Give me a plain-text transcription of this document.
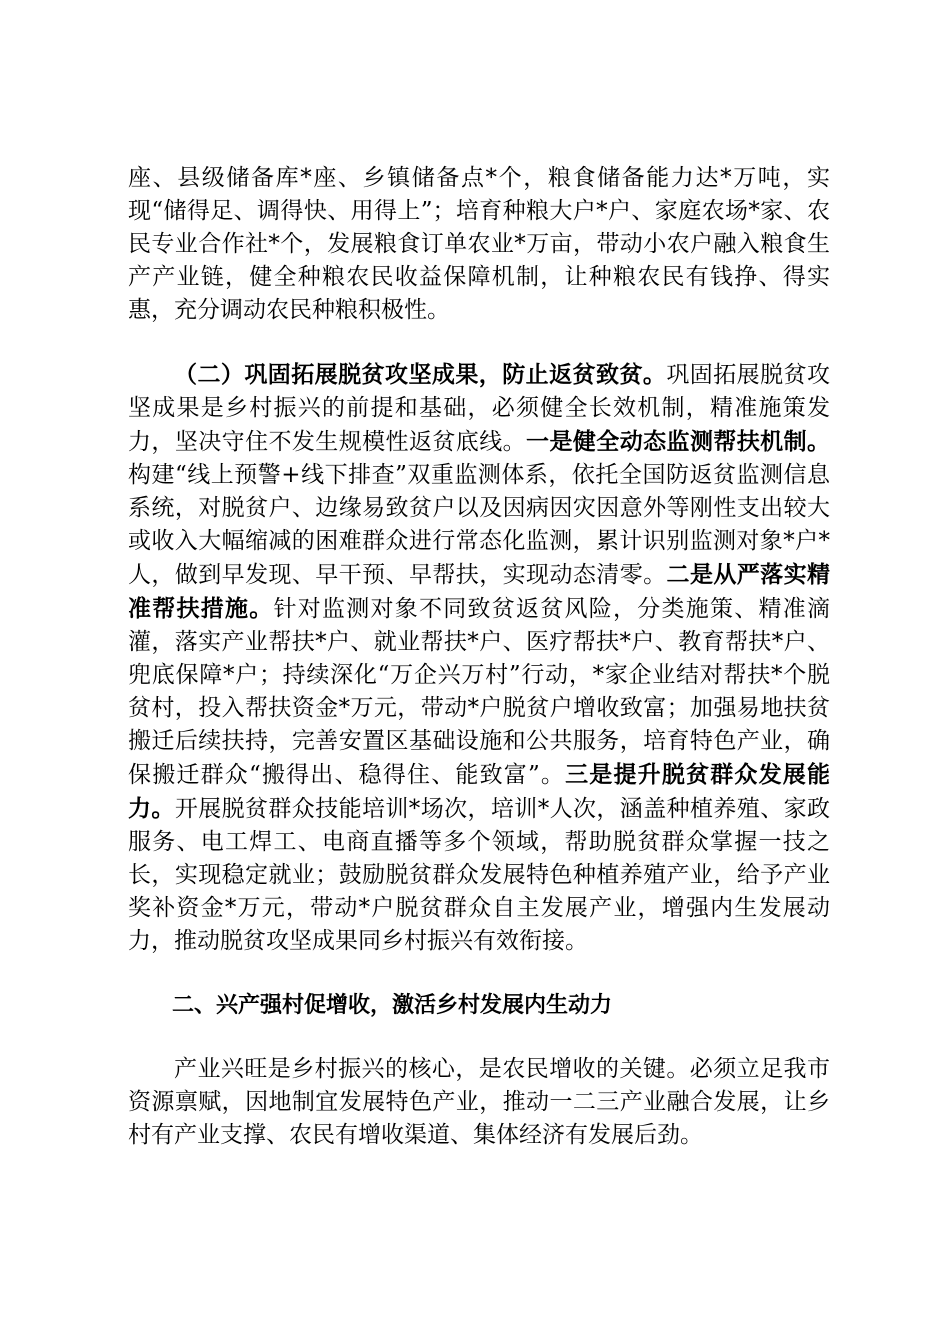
座、县级储备库*座、乡镇储备点*个，粮食储备能力达*万吨，实现“储得足、调得快、用得上”；培育种粮大户*户、家庭农场*家、农民专业合作社*个，发展粮食订单农业*万亩，带动小农户融入粮食生产产业链，健全种粮农民收益保障机制，让种粮农民有钱挣、得实惠，充分调动农民种粮积极性。

（二）巩固拓展脱贫攻坚成果，防止返贫致贫。巩固拓展脱贫攻坚成果是乡村振兴的前提和基础，必须健全长效机制，精准施策发力，坚决守住不发生规模性返贫底线。一是健全动态监测帮扶机制。构建“线上预警+线下排查”双重监测体系，依托全国防返贫监测信息系统，对脱贫户、边缘易致贫户以及因病因灾因意外等刚性支出较大或收入大幅缩减的困难群众进行常态化监测，累计识别监测对象*户*人，做到早发现、早干预、早帮扶，实现动态清零。二是从严落实精准帮扶措施。针对监测对象不同致贫返贫风险，分类施策、精准滴灌，落实产业帮扶*户、就业帮扶*户、医疗帮扶*户、教育帮扶*户、兜底保障*户；持续深化“万企兴万村”行动，*家企业结对帮扶*个脱贫村，投入帮扶资金*万元，带动*户脱贫户增收致富；加强易地扶贫搬迁后续扶持，完善安置区基础设施和公共服务，培育特色产业，确保搬迁群众“搬得出、稳得住、能致富”。三是提升脱贫群众发展能力。开展脱贫群众技能培训*场次，培训*人次，涵盖种植养殖、家政服务、电工焊工、电商直播等多个领域，帮助脱贫群众掌握一技之长，实现稳定就业；鼓励脱贫群众发展特色种植养殖产业，给予产业奖补资金*万元，带动*户脱贫群众自主发展产业，增强内生发展动力，推动脱贫攻坚成果同乡村振兴有效衔接。

二、兴产强村促增收，激活乡村发展内生动力

产业兴旺是乡村振兴的核心，是农民增收的关键。必须立足我市资源禀赋，因地制宜发展特色产业，推动一二三产业融合发展，让乡村有产业支撑、农民有增收渠道、集体经济有发展后劲。
